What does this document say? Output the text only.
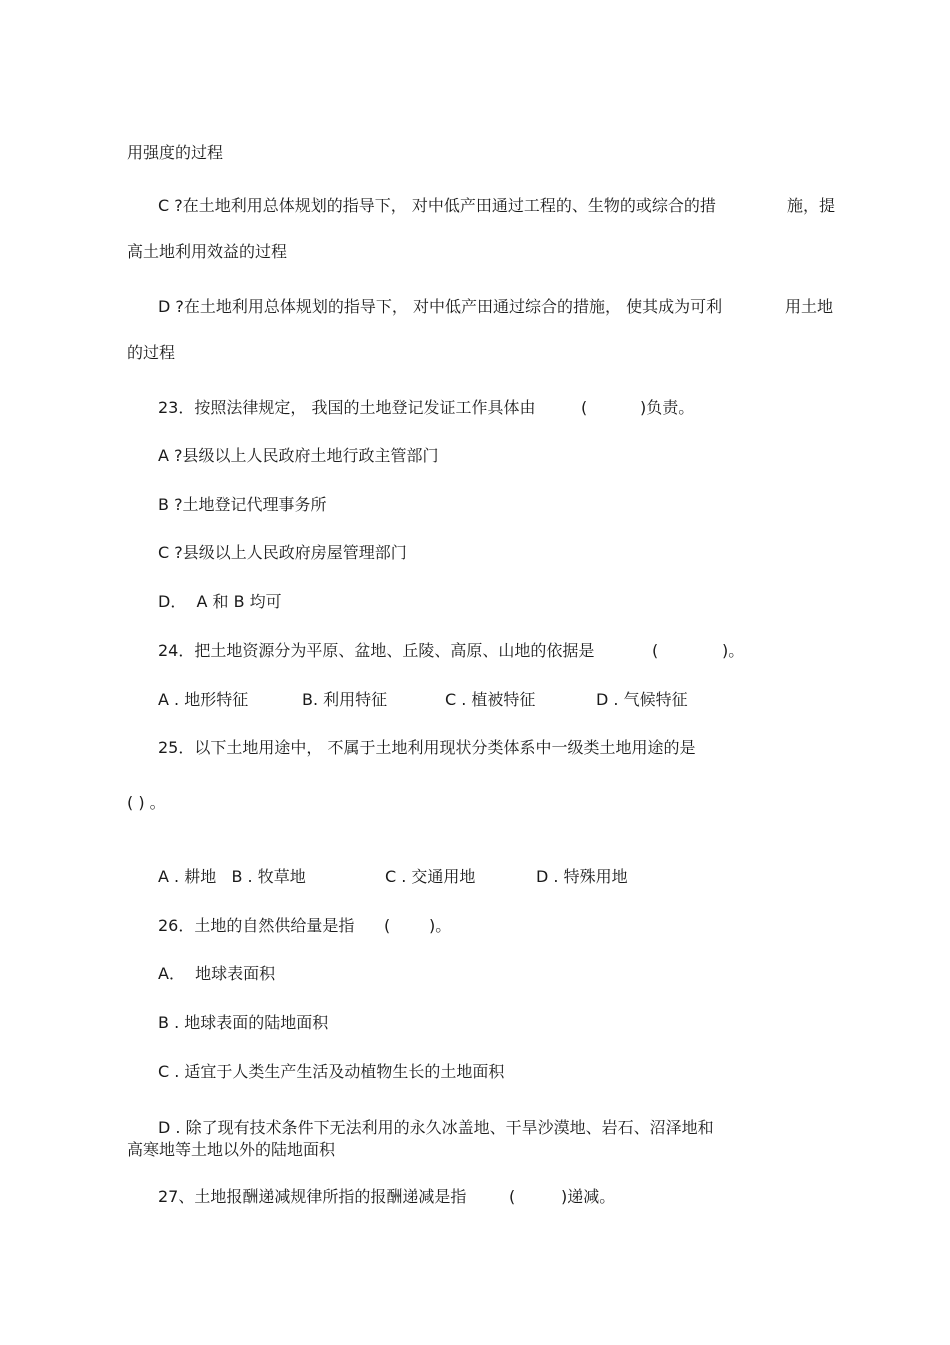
用强度的过程
C ?在土地利用总体规划的指导下， 对中低产田通过工程的、生物的或综合的措	施，提
高土地利用效益的过程
D ?在土地利用总体规划的指导下， 对中低产田通过综合的措施， 使其成为可利	用土地
的过程
23．按照法律规定， 我国的土地登记发证工作具体由	(	)负责。
A ?县级以上人民政府土地行政主管部门
B ?土地登记代理事务所
C ?县级以上人民政府房屋管理部门
D．  A 和 B 均可
24．把土地资源分为平原、盆地、丘陵、高原、山地的依据是	(	)。
A . 地形特征	B. 利用特征	C . 植被特征	D . 气候特征
25．以下土地用途中， 不属于土地利用现状分类体系中一级类土地用途的是
( ) 。
A . 耕地   B . 牧草地	C . 交通用地	D . 特殊用地
26．土地的自然供给量是指 ( )。
A．  地球表面积
B . 地球表面的陆地面积
C . 适宜于人类生产生活及动植物生长的土地面积
D . 除了现有技术条件下无法利用的永久冰盖地、干旱沙漠地、岩石、沼泽地和
高寒地等土地以外的陆地面积
27、土地报酬递减规律所指的报酬递减是指	(	)递减。
